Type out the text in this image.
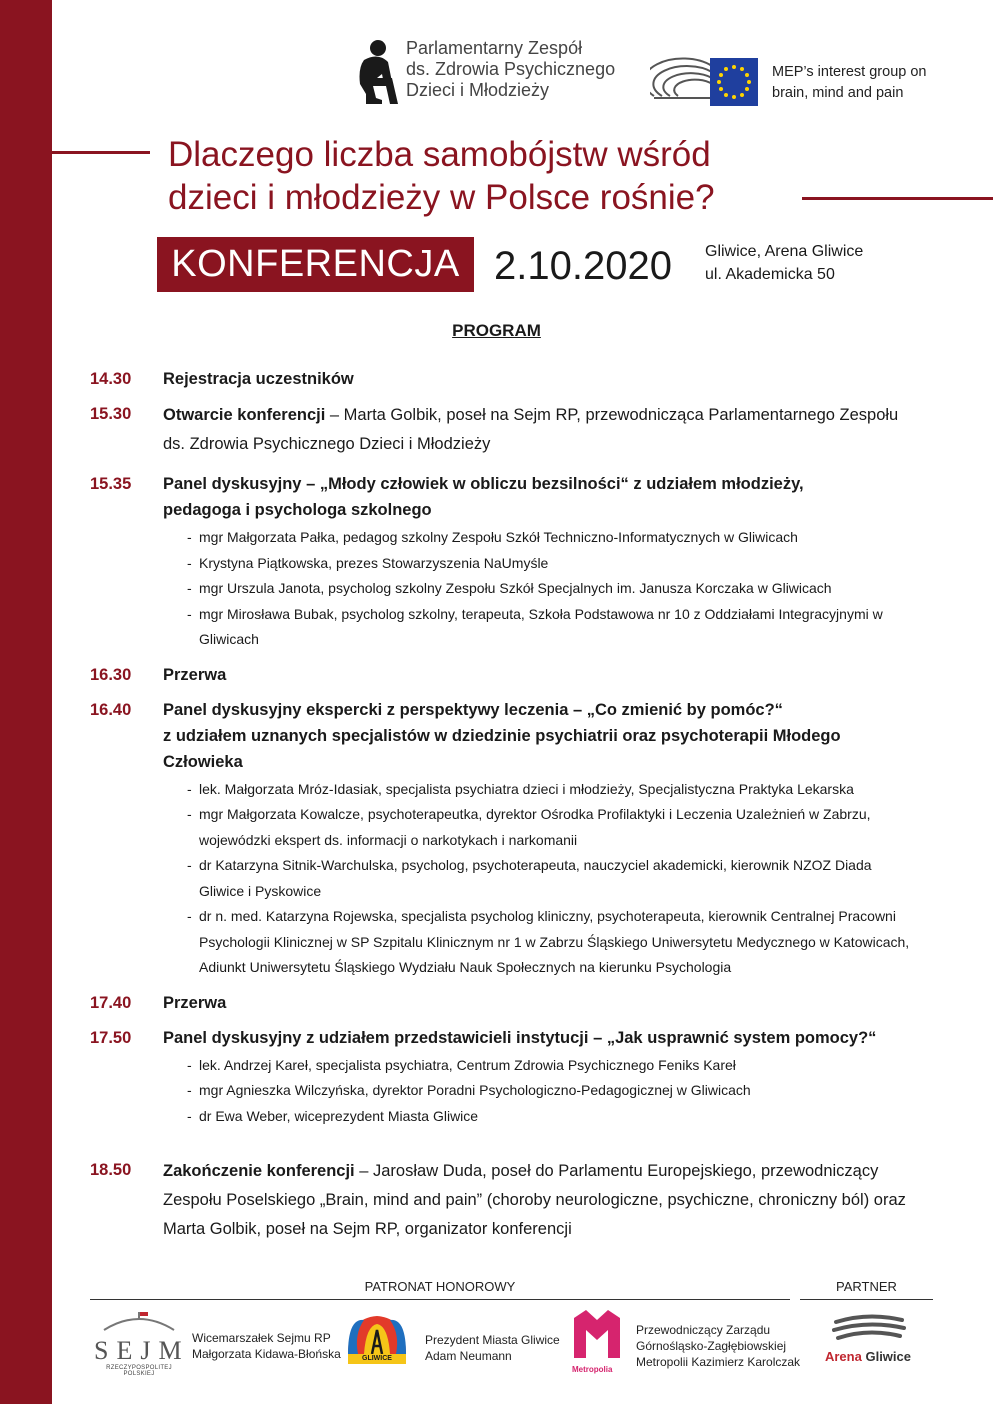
Parlamentarny Zespół
ds. Zdrowia Psychicznego
Dzieci i Młodzieży
MEP’s interest group on
brain, mind and pain
Dlaczego liczba samobójstw wśród
dzieci i młodzieży w Polsce rośnie?
KONFERENCJA 2.10.2020 Gliwice, Arena Gliwice
ul. Akademicka 50
PROGRAM
14.30	Rejestracja uczestników
15.30	Otwarcie konferencji – Marta Golbik, poseł na Sejm RP, przewodnicząca Parlamentarnego Zespołu
ds. Zdrowia Psychicznego Dzieci i Młodzieży
15.35	Panel dyskusyjny – „Młody człowiek w obliczu bezsilności“ z udziałem młodzieży,
pedagoga i psychologa szkolnego
- mgr Małgorzata Pałka, pedagog szkolny Zespołu Szkół Techniczno-Informatycznych w Gliwicach
- Krystyna Piątkowska, prezes Stowarzyszenia NaUmyśle
- mgr Urszula Janota, psycholog szkolny Zespołu Szkół Specjalnych im. Janusza Korczaka w Gliwicach
- mgr Mirosława Bubak, psycholog szkolny, terapeuta, Szkoła Podstawowa nr 10 z Oddziałami Integracyjnymi w Gliwicach
16.30	Przerwa
16.40	Panel dyskusyjny ekspercki z perspektywy leczenia – „Co zmienić by pomóc?“
z udziałem uznanych specjalistów w dziedzinie psychiatrii oraz psychoterapii Młodego Człowieka
- lek. Małgorzata Mróz-Idasiak, specjalista psychiatra dzieci i młodzieży, Specjalistyczna Praktyka Lekarska
- mgr Małgorzata Kowalcze, psychoterapeutka, dyrektor Ośrodka Profilaktyki i Leczenia Uzależnień w Zabrzu, wojewódzki ekspert ds. informacji o narkotykach i narkomanii
- dr Katarzyna Sitnik-Warchulska, psycholog, psychoterapeuta, nauczyciel akademicki, kierownik NZOZ Diada Gliwice i Pyskowice
- dr n. med. Katarzyna Rojewska, specjalista psycholog kliniczny, psychoterapeuta, kierownik Centralnej Pracowni Psychologii Klinicznej w SP Szpitalu Klinicznym nr 1 w Zabrzu Śląskiego Uniwersytetu Medycznego w Katowicach, Adiunkt Uniwersytetu Śląskiego Wydziału Nauk Społecznych na kierunku Psychologia
17.40	Przerwa
17.50	Panel dyskusyjny z udziałem przedstawicieli instytucji – „Jak usprawnić system pomocy?“
- lek. Andrzej Kareł, specjalista psychiatra, Centrum Zdrowia Psychicznego Feniks Kareł
- mgr Agnieszka Wilczyńska, dyrektor Poradni Psychologiczno-Pedagogicznej w Gliwicach
- dr Ewa Weber, wiceprezydent Miasta Gliwice
18.50	Zakończenie konferencji – Jarosław Duda, poseł do Parlamentu Europejskiego, przewodniczący
Zespołu Poselskiego „Brain, mind and pain” (choroby neurologiczne, psychiczne, chroniczny ból) oraz
Marta Golbik, poseł na Sejm RP, organizator konferencji
PATRONAT HONOROWY	PARTNER
SEJM
RZECZYPOSPOLITEJ POLSKIEJ
Wicemarszałek Sejmu RP
Małgorzata Kidawa-Błońska	GLIWICE
Prezydent Miasta Gliwice
Adam Neumann
Metropolia
Przewodniczący Zarządu
Górnośląsko-Zagłębiowskiej
Metropolii Kazimierz Karolczak	Arena Gliwice
